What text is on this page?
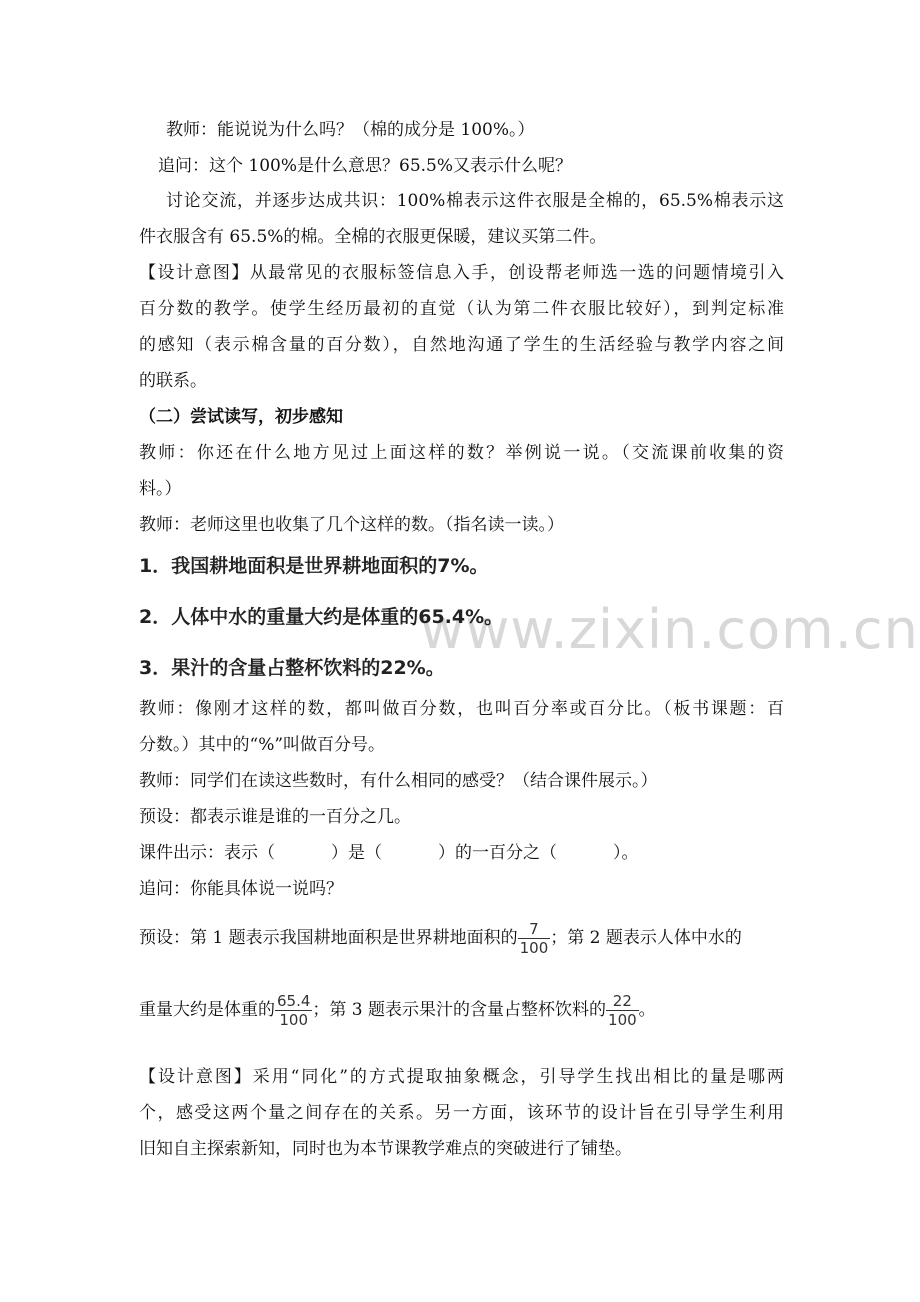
www.zixin.com.cn
教师：能说说为什么吗？（棉的成分是 100%。）
追问：这个 100%是什么意思？65.5%又表示什么呢？
讨论交流，并逐步达成共识：100%棉表示这件衣服是全棉的，65.5%棉表示这
件衣服含有 65.5%的棉。全棉的衣服更保暖，建议买第二件。
【设计意图】从最常见的衣服标签信息入手，创设帮老师选一选的问题情境引入
百分数的教学。使学生经历最初的直觉（认为第二件衣服比较好），到判定标准
的感知（表示棉含量的百分数），自然地沟通了学生的生活经验与教学内容之间
的联系。
（二）尝试读写，初步感知
教师：你还在什么地方见过上面这样的数？举例说一说。（交流课前收集的资
料。）
教师：老师这里也收集了几个这样的数。（指名读一读。）
1．我国耕地面积是世界耕地面积的7%。
2．人体中水的重量大约是体重的65.4%。
3．果汁的含量占整杯饮料的22%。
教师：像刚才这样的数，都叫做百分数，也叫百分率或百分比。（板书课题：百
分数。）其中的“%”叫做百分号。
教师：同学们在读这些数时，有什么相同的感受？（结合课件展示。）
预设：都表示谁是谁的一百分之几。
课件出示：表示（	）是（	）的一百分之（	）。
追问：你能具体说一说吗？
预设：第 1 题表示我国耕地面积是世界耕地面积的 $\frac{7}{100}$ ；第 2 题表示人体中水的
重量大约是体重的 $\frac{65.4}{100}$ ；第 3 题表示果汁的含量占整杯饮料的 $\frac{22}{100}$ 。
【设计意图】采用“同化”的方式提取抽象概念，引导学生找出相比的量是哪两
个，感受这两个量之间存在的关系。另一方面，该环节的设计旨在引导学生利用
旧知自主探索新知，同时也为本节课教学难点的突破进行了铺垫。
